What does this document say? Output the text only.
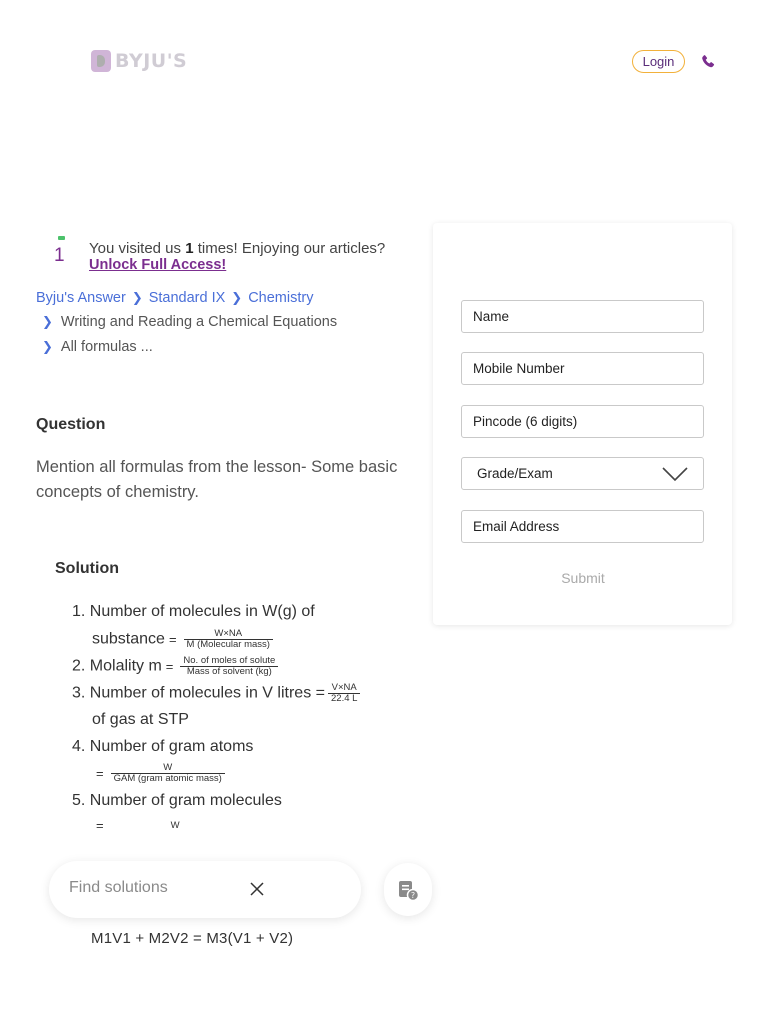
BYJU'S	Login
1 You visited us 1 times! Enjoying our articles?
Unlock Full Access!
Byju's Answer ❯ Standard IX ❯ Chemistry
❯ Writing and Reading a Chemical Equations
❯ All formulas ...
Question
Mention all formulas from the lesson- Some basic concepts of chemistry.
Solution
1. Number of molecules in W(g) of
substance = $\frac{W\times NA}{\text{M (Molecular mass)}}$
2. Molality $m = \frac{\text{No. of moles of solute}}{\text{Mass of solvent (kg)}}$
3. Number of molecules in V litres = $\frac{V\times NA}{22.4 L}$
of gas at STP
4. Number of gram atoms
= $\frac{W}{\text{GAM (gram atomic mass)}}$
5. Number of gram molecules
=	W
M1V1 + M2V2 = M3(V1 + V2)
Find solutions
?
Name
Mobile Number
Pincode (6 digits)
Grade/Exam
Email Address
Submit
